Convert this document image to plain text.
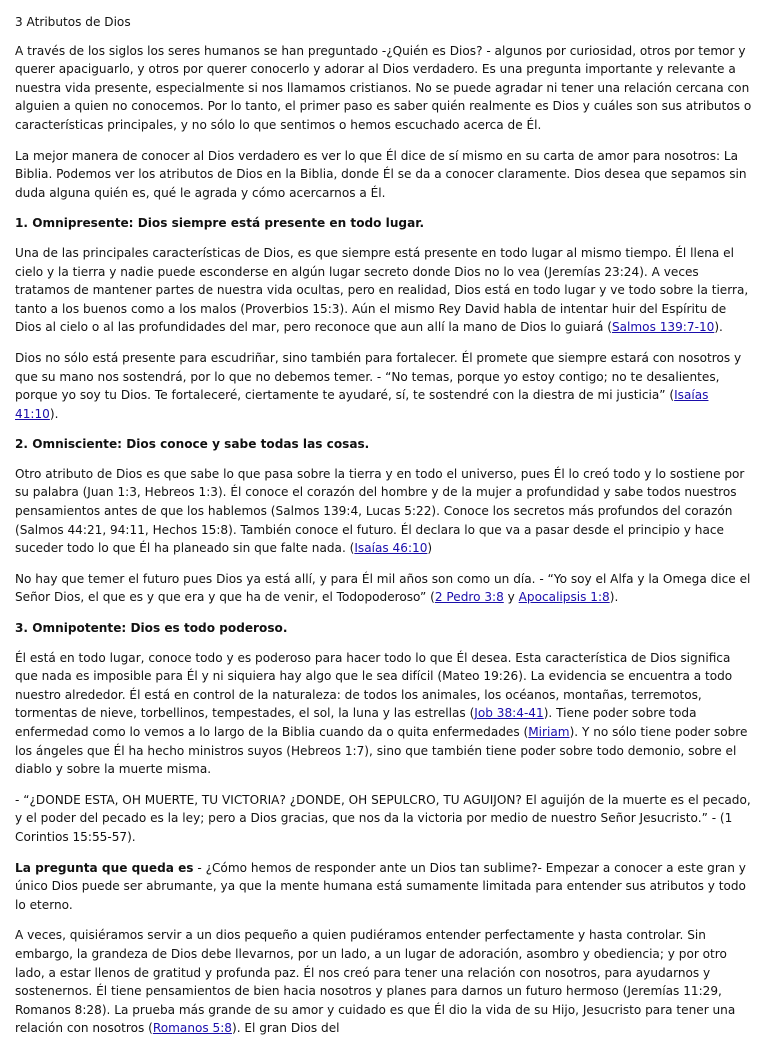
3 Atributos de Dios

A través de los siglos los seres humanos se han preguntado -¿Quién es Dios? - algunos por curiosidad, otros por temor y querer apaciguarlo, y otros por querer conocerlo y adorar al Dios verdadero. Es una pregunta importante y relevante a nuestra vida presente, especialmente si nos llamamos cristianos. No se puede agradar ni tener una relación cercana con alguien a quien no conocemos. Por lo tanto, el primer paso es saber quién realmente es Dios y cuáles son sus atributos o características principales, y no sólo lo que sentimos o hemos escuchado acerca de Él.

La mejor manera de conocer al Dios verdadero es ver lo que Él dice de sí mismo en su carta de amor para nosotros: La Biblia. Podemos ver los atributos de Dios en la Biblia, donde Él se da a conocer claramente. Dios desea que sepamos sin duda alguna quién es, qué le agrada y cómo acercarnos a Él.

1. Omnipresente: Dios siempre está presente en todo lugar.

Una de las principales características de Dios, es que siempre está presente en todo lugar al mismo tiempo. Él llena el cielo y la tierra y nadie puede esconderse en algún lugar secreto donde Dios no lo vea (Jeremías 23:24). A veces tratamos de mantener partes de nuestra vida ocultas, pero en realidad, Dios está en todo lugar y ve todo sobre la tierra, tanto a los buenos como a los malos (Proverbios 15:3). Aún el mismo Rey David habla de intentar huir del Espíritu de Dios al cielo o al las profundidades del mar, pero reconoce que aun allí la mano de Dios lo guiará (Salmos 139:7-10).

Dios no sólo está presente para escudriñar, sino también para fortalecer. Él promete que siempre estará con nosotros y que su mano nos sostendrá, por lo que no debemos temer. - “No temas, porque yo estoy contigo; no te desalientes, porque yo soy tu Dios. Te fortaleceré, ciertamente te ayudaré, sí, te sostendré con la diestra de mi justicia” (Isaías 41:10).

2. Omnisciente: Dios conoce y sabe todas las cosas.

Otro atributo de Dios es que sabe lo que pasa sobre la tierra y en todo el universo, pues Él lo creó todo y lo sostiene por su palabra (Juan 1:3, Hebreos 1:3). Él conoce el corazón del hombre y de la mujer a profundidad y sabe todos nuestros pensamientos antes de que los hablemos (Salmos 139:4, Lucas 5:22). Conoce los secretos más profundos del corazón (Salmos 44:21, 94:11, Hechos 15:8). También conoce el futuro. Él declara lo que va a pasar desde el principio y hace suceder todo lo que Él ha planeado sin que falte nada. (Isaías 46:10)

No hay que temer el futuro pues Dios ya está allí, y para Él mil años son como un día. - “Yo soy el Alfa y la Omega dice el Señor Dios, el que es y que era y que ha de venir, el Todopoderoso” (2 Pedro 3:8 y Apocalipsis 1:8).

3. Omnipotente: Dios es todo poderoso.

Él está en todo lugar, conoce todo y es poderoso para hacer todo lo que Él desea. Esta característica de Dios significa que nada es imposible para Él y ni siquiera hay algo que le sea difícil (Mateo 19:26). La evidencia se encuentra a todo nuestro alrededor. Él está en control de la naturaleza: de todos los animales, los océanos, montañas, terremotos, tormentas de nieve, torbellinos, tempestades, el sol, la luna y las estrellas (Job 38:4-41). Tiene poder sobre toda enfermedad como lo vemos a lo largo de la Biblia cuando da o quita enfermedades (Miriam). Y no sólo tiene poder sobre los ángeles que Él ha hecho ministros suyos (Hebreos 1:7), sino que también tiene poder sobre todo demonio, sobre el diablo y sobre la muerte misma.

- “¿DONDE ESTA, OH MUERTE, TU VICTORIA? ¿DONDE, OH SEPULCRO, TU AGUIJON? El aguijón de la muerte es el pecado, y el poder del pecado es la ley; pero a Dios gracias, que nos da la victoria por medio de nuestro Señor Jesucristo.” - (1 Corintios 15:55-57).

La pregunta que queda es - ¿Cómo hemos de responder ante un Dios tan sublime?- Empezar a conocer a este gran y único Dios puede ser abrumante, ya que la mente humana está sumamente limitada para entender sus atributos y todo lo eterno.

A veces, quisiéramos servir a un dios pequeño a quien pudiéramos entender perfectamente y hasta controlar. Sin embargo, la grandeza de Dios debe llevarnos, por un lado, a un lugar de adoración, asombro y obediencia; y por otro lado, a estar llenos de gratitud y profunda paz. Él nos creó para tener una relación con nosotros, para ayudarnos y sostenernos. Él tiene pensamientos de bien hacia nosotros y planes para darnos un futuro hermoso (Jeremías 11:29, Romanos 8:28). La prueba más grande de su amor y cuidado es que Él dio la vida de su Hijo, Jesucristo para tener una relación con nosotros (Romanos 5:8). El gran Dios del
